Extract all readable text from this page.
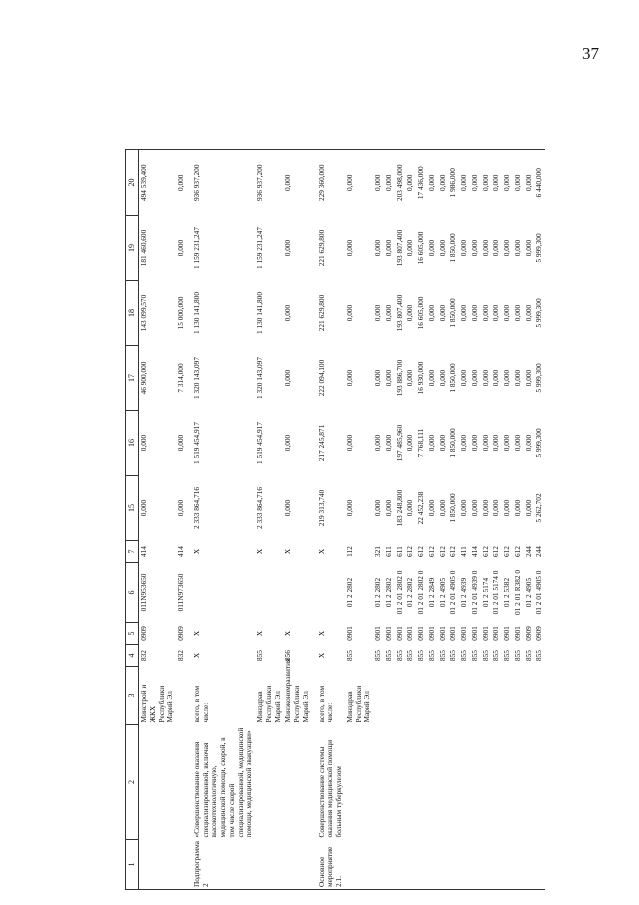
37
1	2	3	4	5	6	7	15	16	17	18	19	20
		Минстрой и ЖКХ Республики Марий Эл	832	0909	011N953650	414	0,000	0,000	46 900,000	143 099,570	181 460,600	494 539,400
			832	0909	011N973650	414	0,000	0,000	7 314,000	15 000,000	0,000	0,000
Подпрограмма 2	«Совершенствование оказания специализированной, включая высокотехнологичную, медицинской помощи, скорой, в том числе скорой специализированной, медицинской помощи, медицинской эвакуации»	всего, в том числе:	X	X		X	2 333 864,716	1 519 454,917	1 320 143,097	1 130 141,800	1 159 231,247	936 937,200
		Минздрав Республики Марий Эл	855	X		X	2 333 864,716	1 519 454,917	1 320 143,097	1 130 141,800	1 159 231,247	936 937,200
		Минэкономразвития Республики Марий Эл	856	X		X	0,000	0,000	0,000	0,000	0,000	0,000
Основное мероприятие 2.1.	Совершенствование системы оказания медицинской помощи больным туберкулезом	всего, в том числе:	X	X		X	219 313,740	217 245,871	222 094,100	221 629,800	221 629,800	229 360,000
		Минздрав Республики Марий Эл	855	0901	01 2 2802	112	0,000	0,000	0,000	0,000	0,000	0,000
			855	0901	01 2 2802	321	0,000	0,000	0,000	0,000	0,000	0,000
			855	0901	01 2 2802	611	0,000	0,000	0,000	0,000	0,000	0,000
			855	0901	01 2 01 2802 0	611	183 248,800	197 485,960	193 886,700	193 807,400	193 807,400	203 498,000
			855	0901	01 2 2802	612	0,000	0,000	0,000	0,000	0,000	0,000
			855	0901	01 2 01 2802 0	612	22 452,238	7 768,111	16 930,000	16 605,000	16 605,000	17 436,000
			855	0901	01 2 2849	612	0,000	0,000	0,000	0,000	0,000	0,000
			855	0901	01 2 4905	612	0,000	0,000	0,000	0,000	0,000	0,000
			855	0901	01 2 01 4905 0	612	1 850,000	1 850,000	1 850,000	1 850,000	1 850,000	1 986,000
			855	0901	01 2 4939	411	0,000	0,000	0,000	0,000	0,000	0,000
			855	0901	01 2 01 4939 0	414	0,000	0,000	0,000	0,000	0,000	0,000
			855	0901	01 2 5174	612	0,000	0,000	0,000	0,000	0,000	0,000
			855	0901	01 2 01 5174 0	612	0,000	0,000	0,000	0,000	0,000	0,000
			855	0901	01 2 5382	612	0,000	0,000	0,000	0,000	0,000	0,000
			855	0901	01 2 01 R382 0	612	0,000	0,000	0,000	0,000	0,000	0,000
			855	0909	01 2 4905	244	0,000	0,000	0,000	0,000	0,000	0,000
			855	0909	01 2 01 4905 0	244	5 262,702	5 999,300	5 999,300	5 999,300	5 999,300	6 440,000
